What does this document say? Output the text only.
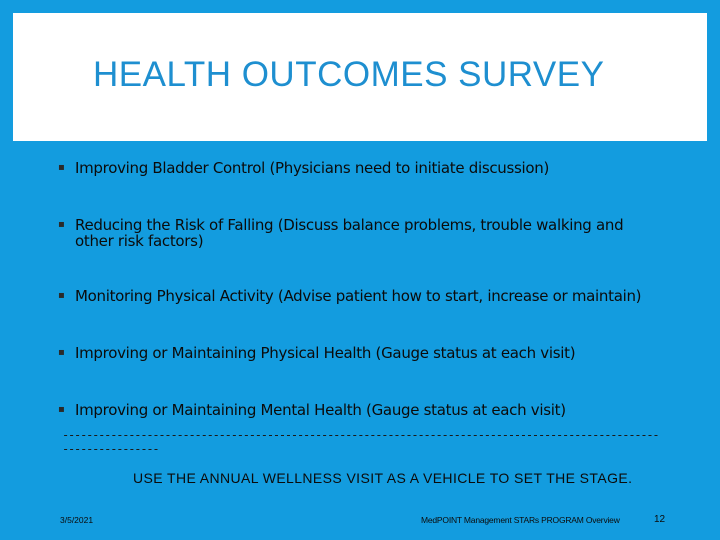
HEALTH OUTCOMES SURVEY
▪ Improving Bladder Control (Physicians need to initiate discussion)
▪ Reducing the Risk of Falling (Discuss balance problems, trouble walking and other risk factors)
▪ Monitoring Physical Activity (Advise patient how to start, increase or maintain)
▪ Improving or Maintaining Physical Health (Gauge status at each visit)
▪ Improving or Maintaining Mental Health (Gauge status at each visit)
-------------------------------------------------------------------------------------------------------------------
USE THE ANNUAL WELLNESS VISIT AS A VEHICLE TO SET THE STAGE.
3/5/2021	MedPOINT Management STARs PROGRAM Overview	12
